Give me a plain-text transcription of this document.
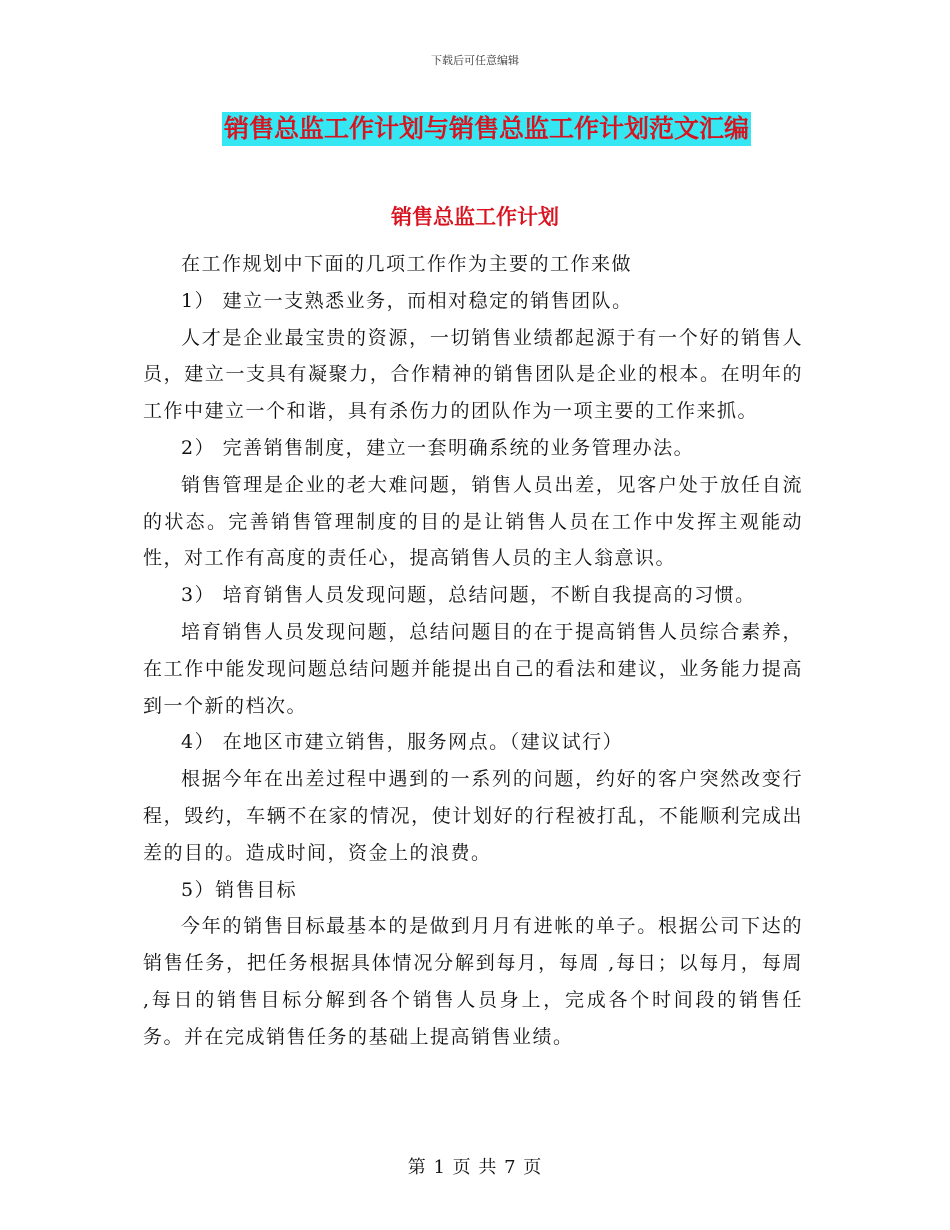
下载后可任意编辑
销售总监工作计划与销售总监工作计划范文汇编
销售总监工作计划

在工作规划中下面的几项工作作为主要的工作来做

1） 建立一支熟悉业务，而相对稳定的销售团队。

人才是企业最宝贵的资源，一切销售业绩都起源于有一个好的销售人员，建立一支具有凝聚力，合作精神的销售团队是企业的根本。在明年的工作中建立一个和谐，具有杀伤力的团队作为一项主要的工作来抓。

2） 完善销售制度，建立一套明确系统的业务管理办法。

销售管理是企业的老大难问题，销售人员出差，见客户处于放任自流的状态。完善销售管理制度的目的是让销售人员在工作中发挥主观能动性，对工作有高度的责任心，提高销售人员的主人翁意识。

3） 培育销售人员发现问题，总结问题，不断自我提高的习惯。

培育销售人员发现问题，总结问题目的在于提高销售人员综合素养，在工作中能发现问题总结问题并能提出自己的看法和建议，业务能力提高到一个新的档次。

4） 在地区市建立销售，服务网点。（建议试行）

根据今年在出差过程中遇到的一系列的问题，约好的客户突然改变行程，毁约，车辆不在家的情况，使计划好的行程被打乱，不能顺利完成出差的目的。造成时间，资金上的浪费。

5）销售目标

今年的销售目标最基本的是做到月月有进帐的单子。根据公司下达的销售任务，把任务根据具体情况分解到每月，每周 ,每日；以每月，每周 ,每日的销售目标分解到各个销售人员身上，完成各个时间段的销售任务。并在完成销售任务的基础上提高销售业绩。

第 1 页 共 7 页
